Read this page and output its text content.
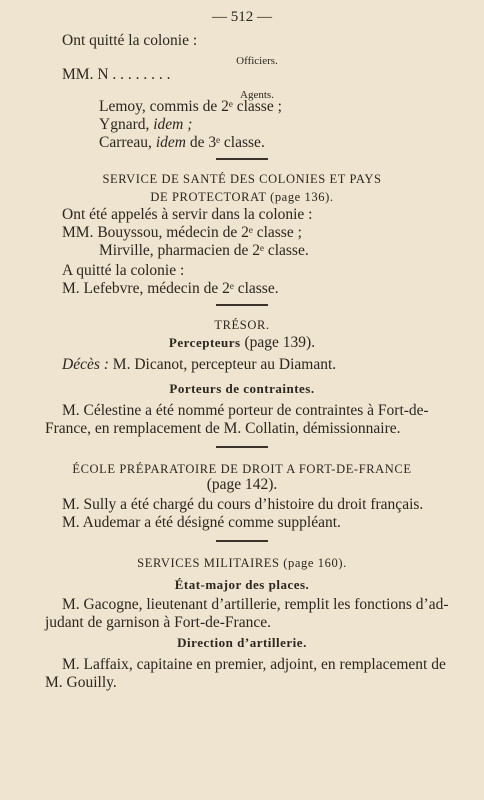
— 512 —
Ont quitté la colonie :
Officiers.
MM. N . . . . . . . .
Agents.
Lemoy, commis de 2ᵉ classe ;
Ygnard, idem ;
Carreau, idem de 3ᵉ classe.
SERVICE DE SANTÉ DES COLONIES ET PAYS
DE PROTECTORAT (page 136).
Ont été appelés à servir dans la colonie :
MM. Bouyssou, médecin de 2ᵉ classe ;
Mirville, pharmacien de 2ᵉ classe.
A quitté la colonie :
M. Lefebvre, médecin de 2ᵉ classe.
TRÉSOR.
Percepteurs (page 139).
Décès : M. Dicanot, percepteur au Diamant.
Porteurs de contraintes.
M. Célestine a été nommé porteur de contraintes à Fort-de-
France, en remplacement de M. Collatin, démissionnaire.
ÉCOLE PRÉPARATOIRE DE DROIT A FORT-DE-FRANCE
(page 142).
M. Sully a été chargé du cours d’histoire du droit français.
M. Audemar a été désigné comme suppléant.
SERVICES MILITAIRES (page 160).
État-major des places.
M. Gacogne, lieutenant d’artillerie, remplit les fonctions d’ad-
judant de garnison à Fort-de-France.
Direction d’artillerie.
M. Laffaix, capitaine en premier, adjoint, en remplacement de
M. Gouilly.
